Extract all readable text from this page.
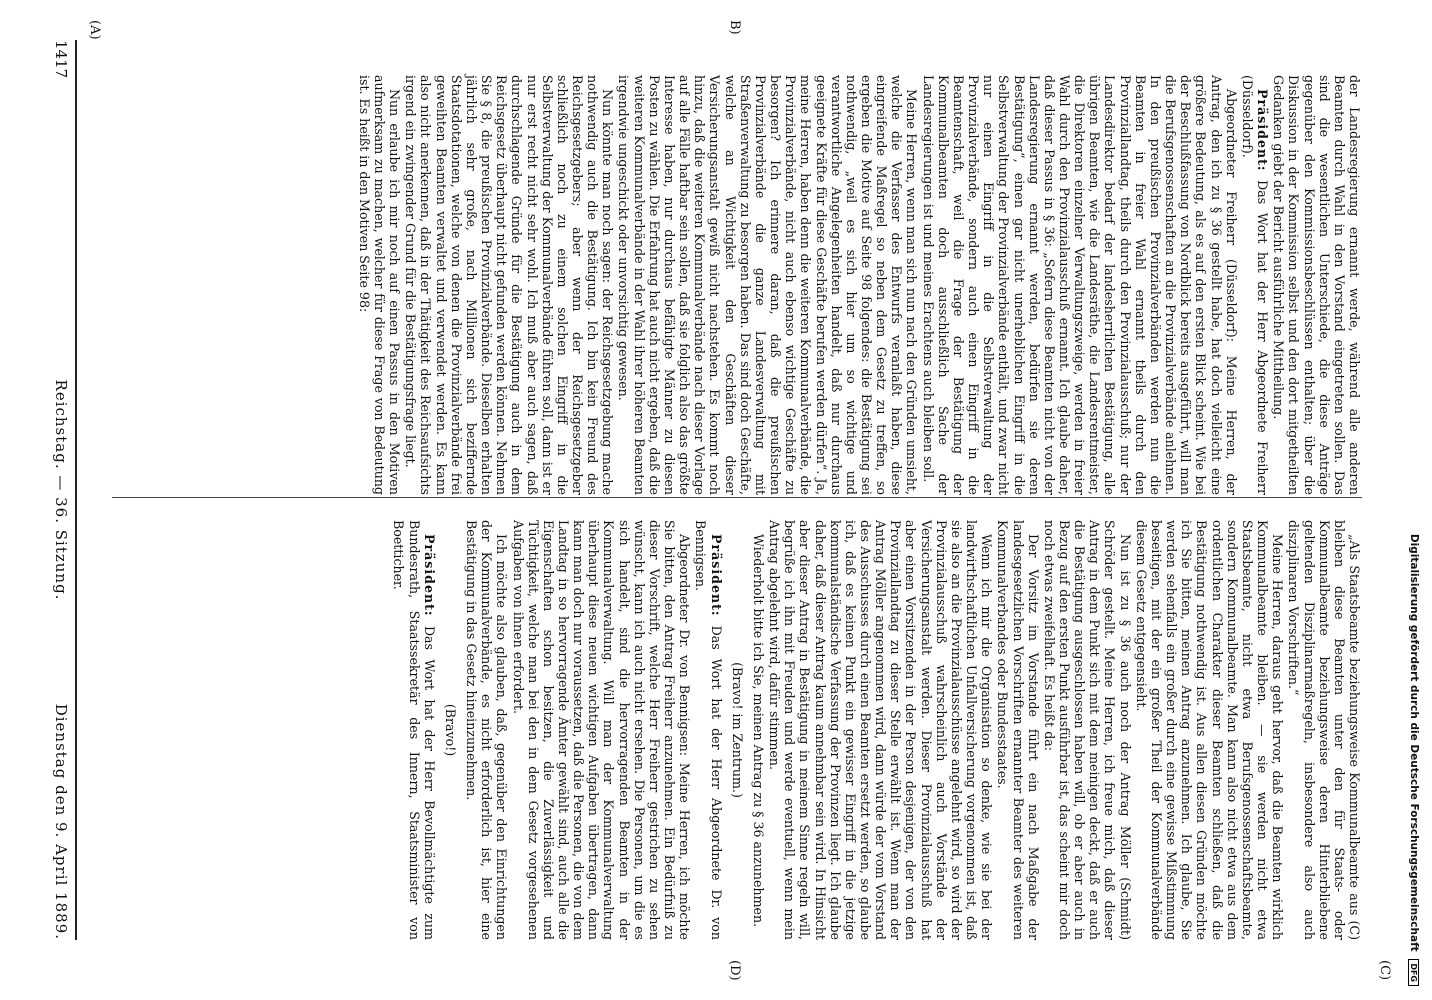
Digitalisierung gefördert durch die Deutsche Forschungsgemeinschaft DFG

der Landesregierung ernannt werde, während alle anderen Beamten durch Wahl in den Vorstand eingetreten sollen. Das sind die wesentlichen Unterschiede, die diese Anträge gegenüber den Kommissionsbeschlüssen enthalten; über die Diskussion in der Kommission selbst und den dort mitgetheilten Gedanken giebt der Bericht ausführliche Mittheilung.

Präsident: Das Wort hat der Herr Abgeordnete Freiherr (Düsseldorf).

Abgeordneter Freiherr (Düsseldorf): Meine Herren, der Antrag, den ich zu § 36 gestellt habe, hat doch vielleicht eine größere Bedeutung, als es auf den ersten Blick scheint. Wie bei der Beschlußfassung von Nordblick bereits ausgeführt, will man die Berufsgenossenschaften an die Provinzialverbände anlehnen. In den preußischen Provinzialverbänden werden nun die Beamten in freier Wahl ernannt theils durch den Provinziallandtag, theils durch den Provinzialausschuß; nur der Landesdirektor bedarf der landesherrlichen Bestätigung, alle übrigen Beamten, wie die Landesräthe, die Landesrentmeister, die Direktoren einzelner Verwaltungszweige, werden in freier Wahl durch den Provinzialausschuß ernannt. Ich glaube daher, daß dieser Passus in § 36: „Sofern diese Beamten nicht von der Landesregierung ernannt werden, bedürfen sie deren Bestätigung“, einen gar nicht unerheblichen Eingriff in die Selbstverwaltung der Provinzialverbände enthält, und zwar nicht nur einen Eingriff in die Selbstverwaltung der Provinzialverbände, sondern auch einen Eingriff in die Beamtenschaft, weil die Frage der Bestätigung der Kommunalbeamten doch ausschließlich Sache der Landesregierungen ist und meines Erachtens auch bleiben soll.

Meine Herren, wenn man sich nun nach den Gründen umsieht, welche die Verfasser des Entwurfs veranlaßt haben, diese eingreifende Maßregel so neben dem Gesetz zu treffen, so ergeben die Motive auf Seite 98 folgendes: die Bestätigung sei nothwendig, „weil es sich hier um so wichtige und verantwortliche Angelegenheiten handelt, daß nur durchaus geeignete Kräfte für diese Geschäfte berufen werden dürfen“. Ja, meine Herren, haben denn die weiteren Kommunalverbände, die Provinzialverbände, nicht auch ebenso wichtige Geschäfte zu besorgen? Ich erinnere daran, daß die preußischen Provinzialverbände die ganze Landesverwaltung mit Straßenverwaltung zu besorgen haben. Das sind doch Geschäfte, welche an Wichtigkeit den Geschäften dieser Versicherungsanstalt gewiß nicht nachstehen. Es kommt noch hinzu, daß die weiteren Kommunalverbände nach dieser Vorlage auf alle Fälle haftbar sein sollen, daß sie folglich also das größte Interesse haben, nur durchaus befähigte Männer zu diesen Posten zu wählen. Die Erfahrung hat auch nicht ergeben, daß die weiteren Kommunalverbände in der Wahl ihrer höheren Beamten irgendwie ungeschickt oder unvorsichtig gewesen.

Nun könnte man noch sagen: der Reichsgesetzgebung mache nothwendig auch die Bestätigung. Ich bin kein Freund des Reichsgesetzgebers; aber wenn der Reichsgesetzgeber schließlich noch zu einem solchen Eingriff in die Selbstverwaltung der Kommunalverbände führen soll, dann ist er nur erst recht nicht sehr wohl. Ich muß aber auch sagen, daß durchschlagende Gründe für die Bestätigung auch in dem Reichsgesetz überhaupt nicht gefunden werden können. Nehmen Sie § 8, die preußischen Provinzialverbände. Dieselben erhalten jährlich sehr große, nach Millionen sich beziffernde Staatsdotationen, welche von denen die Provinzialverbände frei geweihten Beamten verwaltet und verwendet werden. Es kann also nicht anerkennen, daß in der Thätigkeit des Reichsaufsichts irgend ein zwingender Grund für die Bestätigungsfrage liegt.

Nun erlaube ich mir noch auf einen Passus in den Motiven aufmerksam zu machen, welcher für diese Frage von Bedeutung ist. Es heißt in den Motiven Seite 98:

„Als Staatsbeamte beziehungsweise Kommunalbeamte aus (C) bleiben diese Beamten unter den für Staats- oder Kommunalbeamte beziehungsweise deren Hinterbliebene geltenden Disziplinarmaßregeln, insbesondere also auch disziplinaren Vorschriften.“

Meine Herren, daraus geht hervor, daß die Beamten wirklich Kommunalbeamte bleiben. — sie werden nicht etwa Staatsbeamte, nicht etwa Berufsgenossenschaftsbeamte, sondern Kommunalbeamte. Man kann also nicht etwa aus dem ordentlichen Charakter dieser Beamten schließen, daß die Bestätigung nothwendig ist. Aus allen diesen Gründen möchte ich Sie bitten, meinen Antrag anzunehmen. Ich glaube, Sie werden sehenfalls ein großer durch eine gewisse Mißstimmung beseitigen, mit der ein großer Theil der Kommunalverbände diesem Gesetz entgegensieht.

Nun ist zu § 36 auch noch der Antrag Möller (Schmidt) Schröder gestellt. Meine Herren, ich freue mich, daß dieser Antrag in dem Punkt sich mit dem meinigen deckt, daß er auch die Bestätigung ausgeschlossen haben will, ob er aber auch in Bezug auf den ersten Punkt ausführbar ist, das scheint mir doch noch etwas zweifelhaft. Es heißt da:

Der Vorsitz im Vorstande führt ein nach Maßgabe der landesgesetzlichen Vorschriften ernannter Beamter des weiteren Kommunalverbandes oder Bundesstaates.

Wenn ich mir die Organisation so denke, wie sie bei der landwirthschaftlichen Unfallversicherung vorgenommen ist, daß sie also an die Provinzialausschüsse angelehnt wird, so wird der Provinzialausschuß wahrscheinlich auch Vorstände der Versicherungsanstalt werden. Dieser Provinzialausschuß hat aber einen Vorsitzenden in der Person desjenigen, der von den Provinziallandtag zu dieser Stelle erwählt ist. Wenn man der Antrag Möller angenommen wird, dann würde der vom Vorstand des Ausschusses durch einen Beamten ersetzt werden, so glaube ich, daß es keinen Punkt ein gewisser Eingriff in die jetzige kommunalständische Verfassung der Provinzen liegt. Ich glaube daher, daß dieser Antrag kaum annehmbar sein wird. In Hinsicht aber dieser Antrag in Bestätigung in meinem Sinne regeln will, begrüße ich ihn mit Freuden und werde eventuell, wenn mein Antrag abgelehnt wird, dafür stimmen.

Wiederholt bitte ich Sie, meinen Antrag zu § 36 anzunehmen.

(Bravo! im Zentrum.)

Präsident: Das Wort hat der Herr Abgeordnete Dr. von Bennigsen.

Abgeordneter Dr. von Bennigsen: Meine Herren, ich möchte Sie bitten, den Antrag Freiherr anzunehmen. Ein Bedürfniß zu dieser Vorschrift, welche Herr Freiherr gestrichen zu sehen wünscht, kann ich auch nicht ersehen. Die Personen, um die es sich handelt, sind die hervorragenden Beamten in der Kommunalverwaltung. Will man der Kommunalverwaltung überhaupt diese neuen wichtigen Aufgaben übertragen, dann kann man doch nur voraussetzen, daß die Personen, die von dem Landtag in so hervorragende Ämter gewählt sind, auch alle die Eigenschaften schon besitzen, die Zuverlässigkeit und Tüchtigkeit, welche man bei den in dem Gesetz vorgesehenen Aufgaben von ihnen erfordert.

Ich möchte also glauben, daß, gegenüber den Einrichtungen der Kommunalverbände, es nicht erforderlich ist, hier eine Bestätigung in das Gesetz hineinzunehmen.

(Bravo!)

Präsident: Das Wort hat der Herr Bevollmächtigte zum Bundesrath, Staatssekretär des Innern, Staatsminister von Boetticher.

(C)
(A)	B)
(D)
1417
Reichstag. — 36. Sitzung.
Dienstag den 9. April 1889.
